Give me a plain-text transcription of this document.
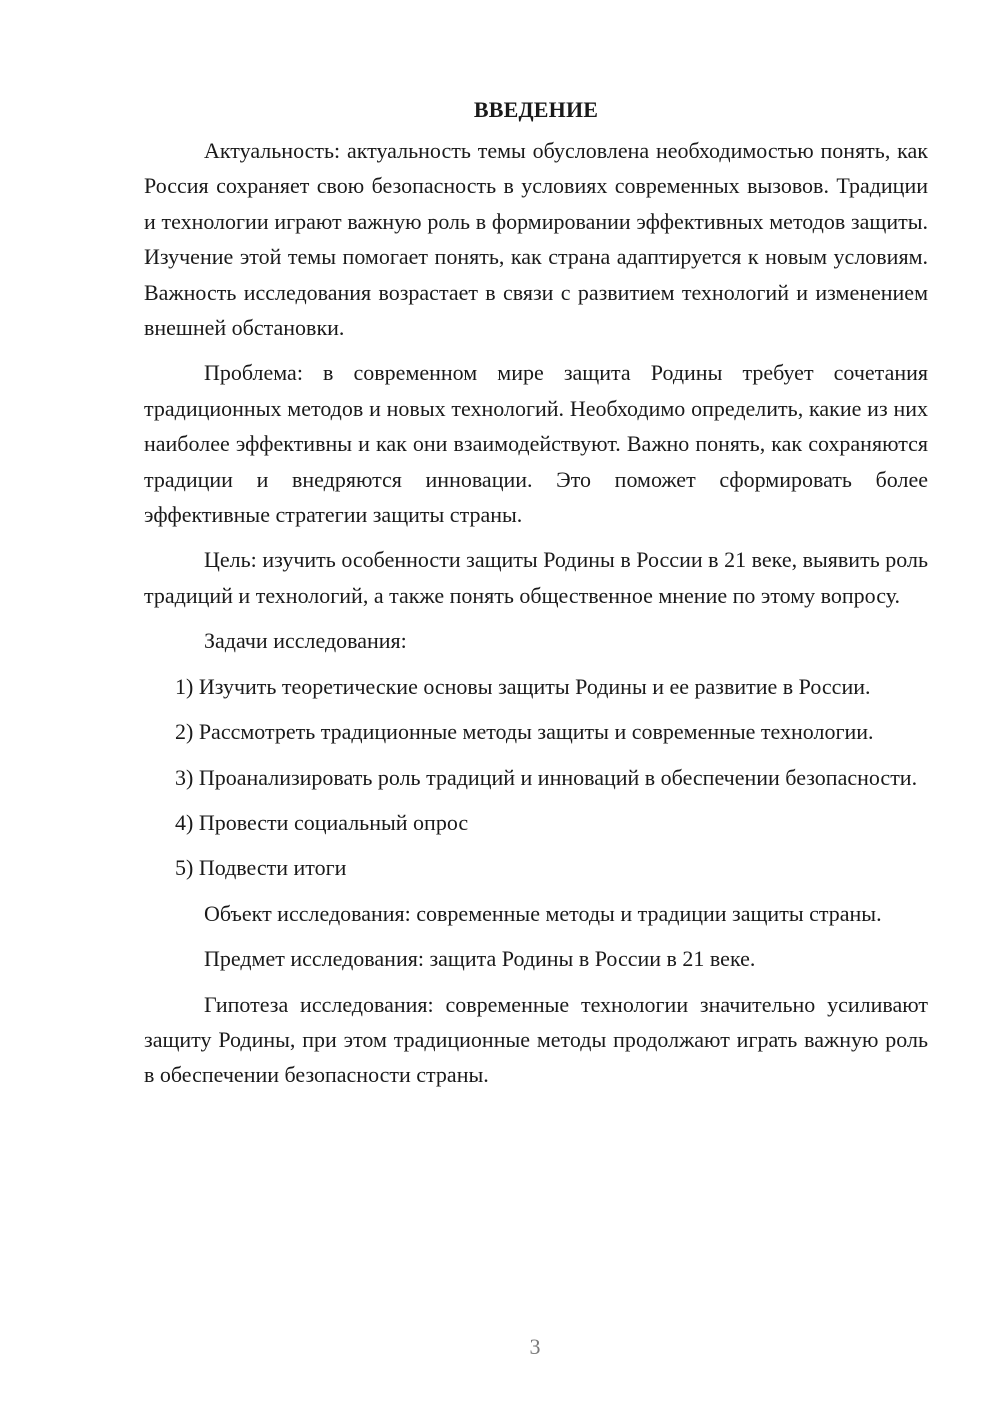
ВВЕДЕНИЕ

Актуальность: актуальность темы обусловлена необходимостью понять, как Россия сохраняет свою безопасность в условиях современных вызовов. Традиции и технологии играют важную роль в формировании эффективных методов защиты. Изучение этой темы помогает понять, как страна адаптируется к новым условиям. Важность исследования возрастает в связи с развитием технологий и изменением внешней обстановки.

Проблема: в современном мире защита Родины требует сочетания традиционных методов и новых технологий. Необходимо определить, какие из них наиболее эффективны и как они взаимодействуют. Важно понять, как сохраняются традиции и внедряются инновации. Это поможет сформировать более эффективные стратегии защиты страны.

Цель: изучить особенности защиты Родины в России в 21 веке, выявить роль традиций и технологий, а также понять общественное мнение по этому вопросу.

Задачи исследования:

1) Изучить теоретические основы защиты Родины и ее развитие в России.

2) Рассмотреть традиционные методы защиты и современные технологии.

3) Проанализировать роль традиций и инноваций в обеспечении безопасности.

4) Провести социальный опрос

5) Подвести итоги

Объект исследования: современные методы и традиции защиты страны.

Предмет исследования: защита Родины в России в 21 веке.

Гипотеза исследования: современные технологии значительно усиливают защиту Родины, при этом традиционные методы продолжают играть важную роль в обеспечении безопасности страны.

3
